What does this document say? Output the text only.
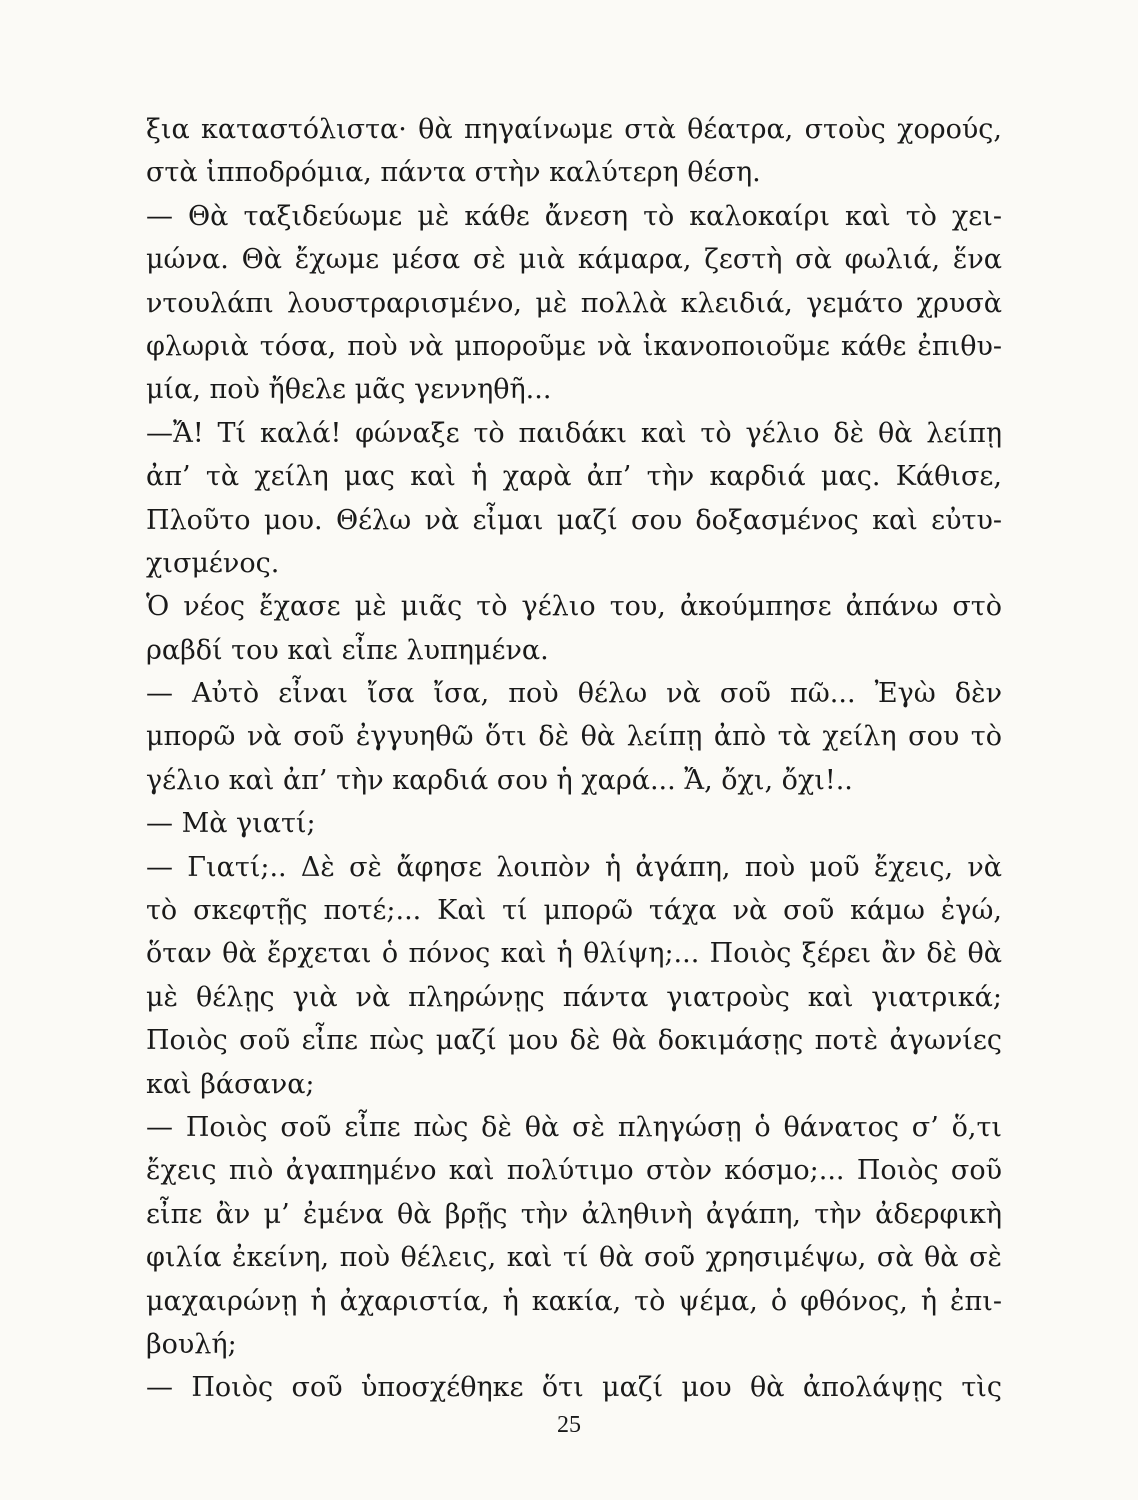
ξια καταστόλιστα· θὰ πηγαίνωμε στὰ θέατρα, στοὺς χορούς,
στὰ ἱπποδρόμια, πάντα στὴν καλύτερη θέση.
— Θὰ ταξιδεύωμε μὲ κάθε ἄνεση τὸ καλοκαίρι καὶ τὸ χει-
μώνα. Θὰ ἔχωμε μέσα σὲ μιὰ κάμαρα, ζεστὴ σὰ φωλιά, ἕνα
ντουλάπι λουστραρισμένο, μὲ πολλὰ κλειδιά, γεμάτο χρυσὰ
φλωριὰ τόσα, ποὺ νὰ μποροῦμε νὰ ἱκανοποιοῦμε κάθε ἐπιθυ-
μία, ποὺ ἤθελε μᾶς γεννηθῆ...
—Ἄ! Τί καλά! φώναξε τὸ παιδάκι καὶ τὸ γέλιο δὲ θὰ λείπῃ
ἀπ’ τὰ χείλη μας καὶ ἡ χαρὰ ἀπ’ τὴν καρδιά μας. Κάθισε,
Πλοῦτο μου. Θέλω νὰ εἶμαι μαζί σου δοξασμένος καὶ εὐτυ-
χισμένος.
Ὁ νέος ἔχασε μὲ μιᾶς τὸ γέλιο του, ἀκούμπησε ἀπάνω στὸ
ραβδί του καὶ εἶπε λυπημένα.
— Αὐτὸ εἶναι ἴσα ἴσα, ποὺ θέλω νὰ σοῦ πῶ... Ἐγὼ δὲν
μπορῶ νὰ σοῦ ἐγγυηθῶ ὅτι δὲ θὰ λείπῃ ἀπὸ τὰ χείλη σου τὸ
γέλιο καὶ ἀπ’ τὴν καρδιά σου ἡ χαρά... Ἄ, ὄχι, ὄχι!..
— Μὰ γιατί;
— Γιατί;.. Δὲ σὲ ἄφησε λοιπὸν ἡ ἀγάπη, ποὺ μοῦ ἔχεις, νὰ
τὸ σκεφτῇς ποτέ;... Καὶ τί μπορῶ τάχα νὰ σοῦ κάμω ἐγώ,
ὅταν θὰ ἔρχεται ὁ πόνος καὶ ἡ θλίψη;... Ποιὸς ξέρει ἂν δὲ θὰ
μὲ θέλῃς γιὰ νὰ πληρώνῃς πάντα γιατροὺς καὶ γιατρικά;
Ποιὸς σοῦ εἶπε πὼς μαζί μου δὲ θὰ δοκιμάσῃς ποτὲ ἀγωνίες
καὶ βάσανα;
— Ποιὸς σοῦ εἶπε πὼς δὲ θὰ σὲ πληγώσῃ ὁ θάνατος σ’ ὅ,τι
ἔχεις πιὸ ἀγαπημένο καὶ πολύτιμο στὸν κόσμο;... Ποιὸς σοῦ
εἶπε ἂν μ’ ἐμένα θὰ βρῇς τὴν ἀληθινὴ ἀγάπη, τὴν ἀδερφικὴ
φιλία ἐκείνη, ποὺ θέλεις, καὶ τί θὰ σοῦ χρησιμέψω, σὰ θὰ σὲ
μαχαιρώνῃ ἡ ἀχαριστία, ἡ κακία, τὸ ψέμα, ὁ φθόνος, ἡ ἐπι-
βουλή;
— Ποιὸς σοῦ ὑποσχέθηκε ὅτι μαζί μου θὰ ἀπολάψῃς τὶς
25
